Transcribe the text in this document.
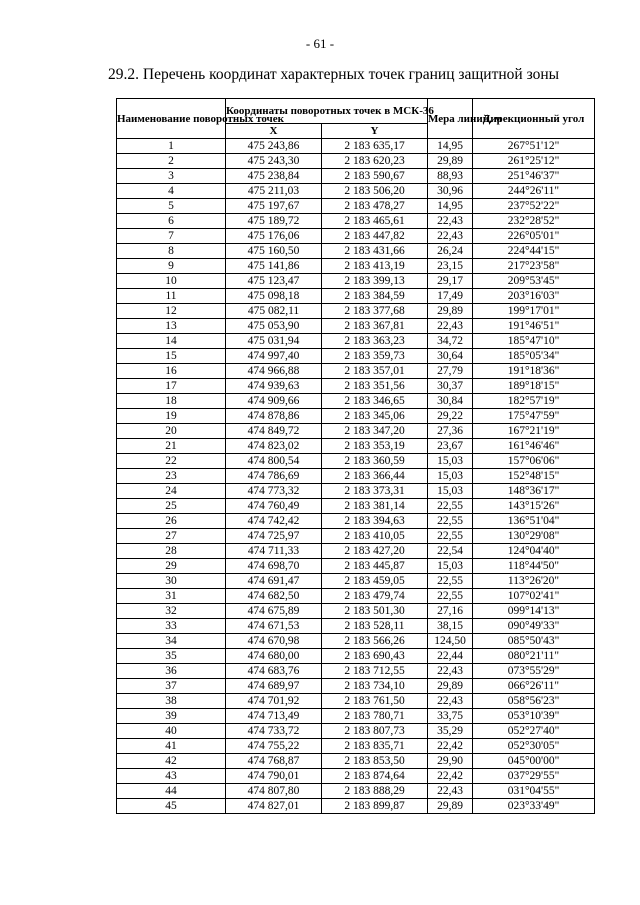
- 61 -
29.2. Перечень координат характерных точек границ защитной зоны
Наименование поворотных точек	Координаты поворотных точек в МСК-36		Мера линий, м	Дирекционный угол
	X	Y		
1	475 243,86	2 183 635,17	14,95	267°51'12"
2	475 243,30	2 183 620,23	29,89	261°25'12"
3	475 238,84	2 183 590,67	88,93	251°46'37"
4	475 211,03	2 183 506,20	30,96	244°26'11"
5	475 197,67	2 183 478,27	14,95	237°52'22"
6	475 189,72	2 183 465,61	22,43	232°28'52"
7	475 176,06	2 183 447,82	22,43	226°05'01"
8	475 160,50	2 183 431,66	26,24	224°44'15"
9	475 141,86	2 183 413,19	23,15	217°23'58"
10	475 123,47	2 183 399,13	29,17	209°53'45"
11	475 098,18	2 183 384,59	17,49	203°16'03"
12	475 082,11	2 183 377,68	29,89	199°17'01"
13	475 053,90	2 183 367,81	22,43	191°46'51"
14	475 031,94	2 183 363,23	34,72	185°47'10"
15	474 997,40	2 183 359,73	30,64	185°05'34"
16	474 966,88	2 183 357,01	27,79	191°18'36"
17	474 939,63	2 183 351,56	30,37	189°18'15"
18	474 909,66	2 183 346,65	30,84	182°57'19"
19	474 878,86	2 183 345,06	29,22	175°47'59"
20	474 849,72	2 183 347,20	27,36	167°21'19"
21	474 823,02	2 183 353,19	23,67	161°46'46"
22	474 800,54	2 183 360,59	15,03	157°06'06"
23	474 786,69	2 183 366,44	15,03	152°48'15"
24	474 773,32	2 183 373,31	15,03	148°36'17"
25	474 760,49	2 183 381,14	22,55	143°15'26"
26	474 742,42	2 183 394,63	22,55	136°51'04"
27	474 725,97	2 183 410,05	22,55	130°29'08"
28	474 711,33	2 183 427,20	22,54	124°04'40"
29	474 698,70	2 183 445,87	15,03	118°44'50"
30	474 691,47	2 183 459,05	22,55	113°26'20"
31	474 682,50	2 183 479,74	22,55	107°02'41"
32	474 675,89	2 183 501,30	27,16	099°14'13"
33	474 671,53	2 183 528,11	38,15	090°49'33"
34	474 670,98	2 183 566,26	124,50	085°50'43"
35	474 680,00	2 183 690,43	22,44	080°21'11"
36	474 683,76	2 183 712,55	22,43	073°55'29"
37	474 689,97	2 183 734,10	29,89	066°26'11"
38	474 701,92	2 183 761,50	22,43	058°56'23"
39	474 713,49	2 183 780,71	33,75	053°10'39"
40	474 733,72	2 183 807,73	35,29	052°27'40"
41	474 755,22	2 183 835,71	22,42	052°30'05"
42	474 768,87	2 183 853,50	29,90	045°00'00"
43	474 790,01	2 183 874,64	22,42	037°29'55"
44	474 807,80	2 183 888,29	22,43	031°04'55"
45	474 827,01	2 183 899,87	29,89	023°33'49"
